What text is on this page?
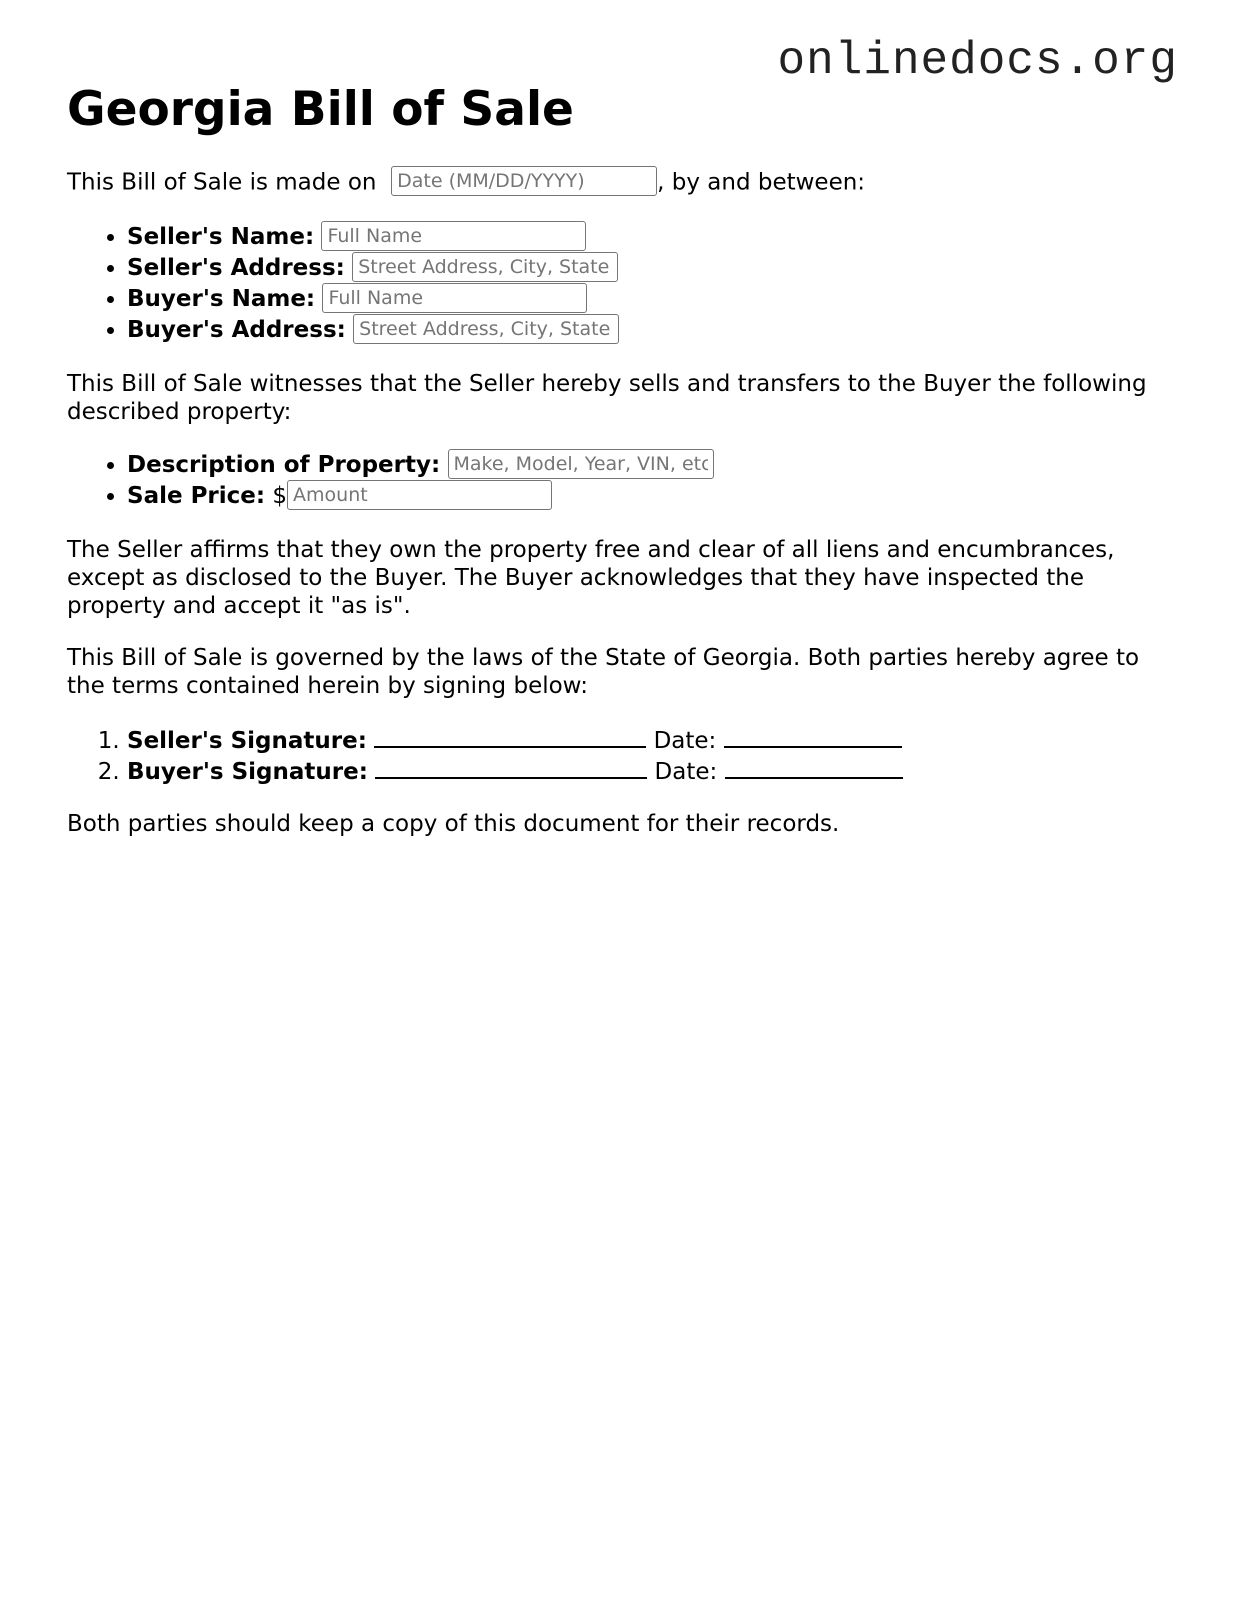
onlinedocs.org
Georgia Bill of Sale

This Bill of Sale is made on  Date (MM/DD/YYYY)	, by and between:

• Seller's Name: Full Name
• Seller's Address: Street Address, City, State
• Buyer's Name: Full Name
• Buyer's Address: Street Address, City, State

This Bill of Sale witnesses that the Seller hereby sells and transfers to the Buyer the following described property:

• Description of Property: Make, Model, Year, VIN, etc.
• Sale Price: $Amount

The Seller affirms that they own the property free and clear of all liens and encumbrances, except as disclosed to the Buyer. The Buyer acknowledges that they have inspected the property and accept it "as is".

This Bill of Sale is governed by the laws of the State of Georgia. Both parties hereby agree to the terms contained herein by signing below:

1. Seller's Signature:	Date:
2. Buyer's Signature:	Date:

Both parties should keep a copy of this document for their records.
